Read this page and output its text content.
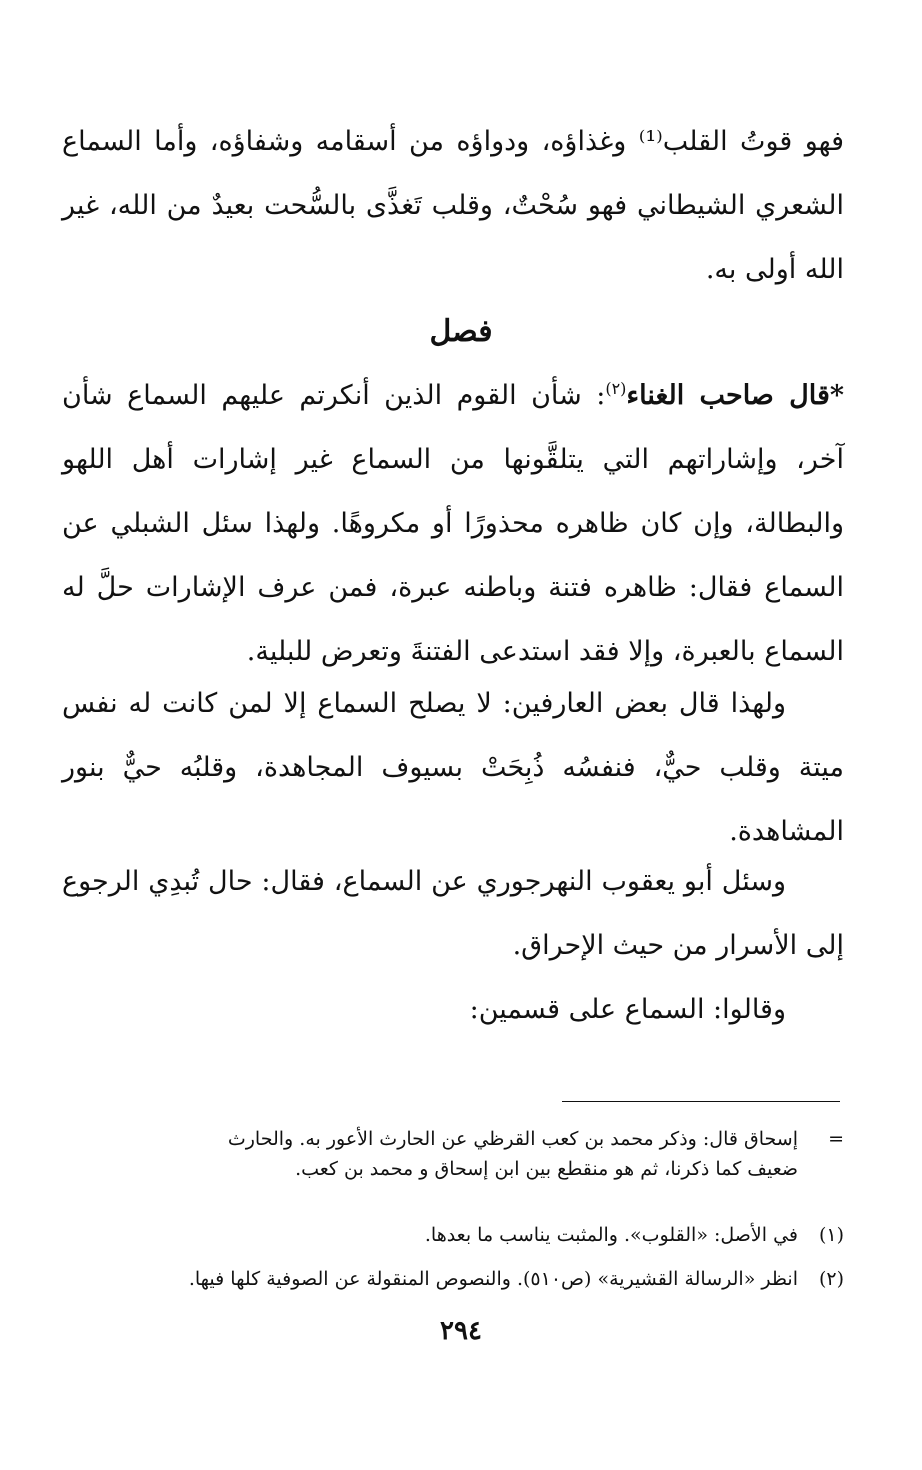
فهو قوتُ القلب⁽¹⁾ وغذاؤه، ودواؤه من أسقامه وشفاؤه، وأما السماع الشعري الشيطاني فهو سُحْتٌ، وقلب تَغذَّى بالسُّحت بعيدٌ من الله، غير الله أولى به.

فصل

*قال صاحب الغناء$^{(٢)}$: شأن القوم الذين أنكرتم عليهم السماع شأن آخر، وإشاراتهم التي يتلقَّونها من السماع غير إشارات أهل اللهو والبطالة، وإن كان ظاهره محذورًا أو مكروهًا. ولهذا سئل الشبلي عن السماع فقال: ظاهره فتنة وباطنه عبرة، فمن عرف الإشارات حلَّ له السماع بالعبرة، وإلا فقد استدعى الفتنةَ وتعرض للبلية.

ولهذا قال بعض العارفين: لا يصلح السماع إلا لمن كانت له نفس ميتة وقلب حيٌّ، فنفسُه ذُبِحَتْ بسيوف المجاهدة، وقلبُه حيٌّ بنور المشاهدة.

وسئل أبو يعقوب النهرجوري عن السماع، فقال: حال تُبدِي الرجوع إلى الأسرار من حيث الإحراق.

وقالوا: السماع على قسمين:

=إسحاق قال: وذكر محمد بن كعب القرظي عن الحارث الأعور به. والحارث
ضعيف كما ذكرنا، ثم هو منقطع بين ابن إسحاق و محمد بن كعب.

(١)في الأصل: «القلوب». والمثبت يناسب ما بعدها.

(٢)انظر «الرسالة القشيرية» (ص٥١٠). والنصوص المنقولة عن الصوفية كلها فيها.

٢٩٤
